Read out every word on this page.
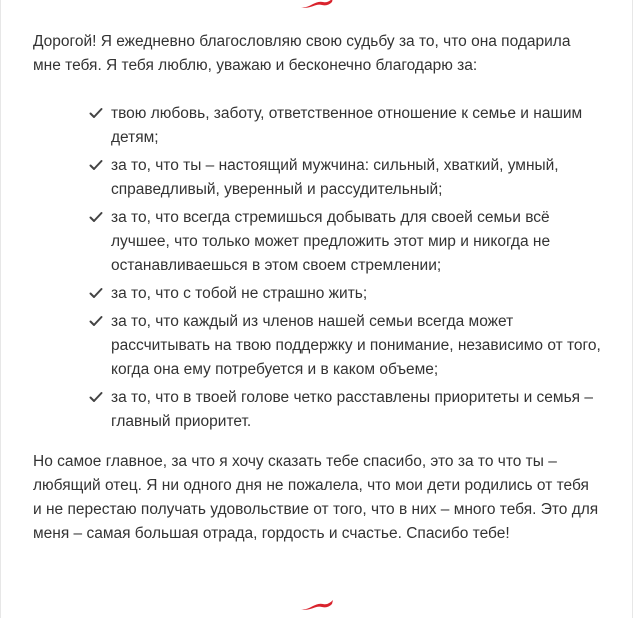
Дорогой! Я ежедневно благословляю свою судьбу за то, что она подарила мне тебя. Я тебя люблю, уважаю и бесконечно благодарю за:

твою любовь, заботу, ответственное отношение к семье и нашим детям;
за то, что ты – настоящий мужчина: сильный, хваткий, умный, справедливый, уверенный и рассудительный;
за то, что всегда стремишься добывать для своей семьи всё лучшее, что только может предложить этот мир и никогда не останавливаешься в этом своем стремлении;
за то, что с тобой не страшно жить;
за то, что каждый из членов нашей семьи всегда может рассчитывать на твою поддержку и понимание, независимо от того, когда она ему потребуется и в каком объеме;
за то, что в твоей голове четко расставлены приоритеты и семья – главный приоритет.

Но самое главное, за что я хочу сказать тебе спасибо, это за то что ты – любящий отец. Я ни одного дня не пожалела, что мои дети родились от тебя и не перестаю получать удовольствие от того, что в них – много тебя. Это для меня – самая большая отрада, гордость и счастье. Спасибо тебе!
